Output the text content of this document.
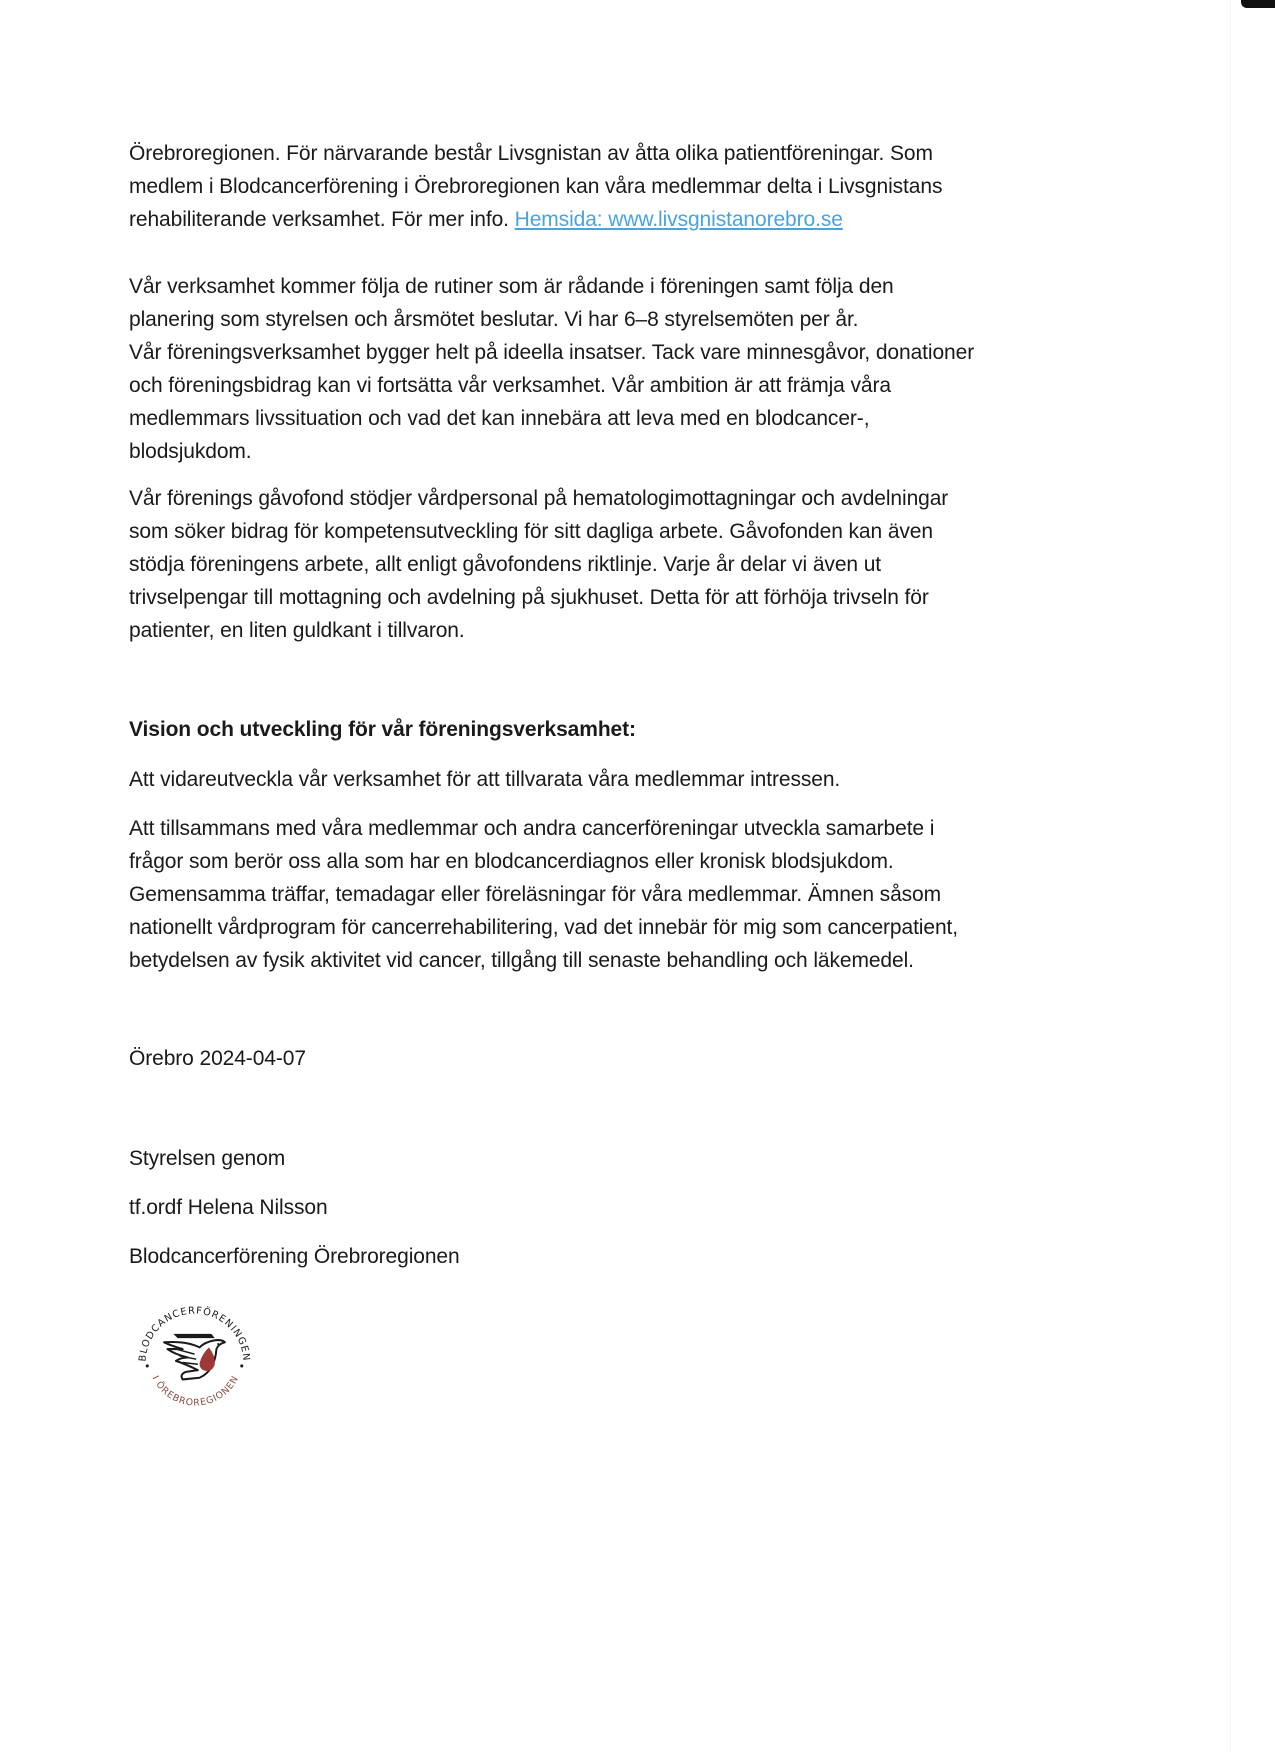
Örebroregionen. För närvarande består Livsgnistan av åtta olika patientföreningar. Som

medlem i Blodcancerförening i Örebroregionen kan våra medlemmar delta i Livsgnistans

rehabiliterande verksamhet. För mer info. Hemsida: www.livsgnistanorebro.se

Vår verksamhet kommer följa de rutiner som är rådande i föreningen samt följa den

planering som styrelsen och årsmötet beslutar. Vi har 6–8 styrelsemöten per år.

Vår föreningsverksamhet bygger helt på ideella insatser. Tack vare minnesgåvor, donationer

och föreningsbidrag kan vi fortsätta vår verksamhet. Vår ambition är att främja våra

medlemmars livssituation och vad det kan innebära att leva med en blodcancer-,

blodsjukdom.

Vår förenings gåvofond stödjer vårdpersonal på hematologimottagningar och avdelningar

som söker bidrag för kompetensutveckling för sitt dagliga arbete. Gåvofonden kan även

stödja föreningens arbete, allt enligt gåvofondens riktlinje. Varje år delar vi även ut

trivselpengar till mottagning och avdelning på sjukhuset. Detta för att förhöja trivseln för

patienter, en liten guldkant i tillvaron.

Vision och utveckling för vår föreningsverksamhet:
Att vidareutveckla vår verksamhet för att tillvarata våra medlemmar intressen.

Att tillsammans med våra medlemmar och andra cancerföreningar utveckla samarbete i

frågor som berör oss alla som har en blodcancerdiagnos eller kronisk blodsjukdom.

Gemensamma träffar, temadagar eller föreläsningar för våra medlemmar. Ämnen såsom

nationellt vårdprogram för cancerrehabilitering, vad det innebär för mig som cancerpatient,

betydelsen av fysik aktivitet vid cancer, tillgång till senaste behandling och läkemedel.

Örebro 2024-04-07
Styrelsen genom
tf.ordf Helena Nilsson
Blodcancerförening Örebroregionen
BLODCANCERFÖRENINGEN
I ÖREBROREGIONEN
